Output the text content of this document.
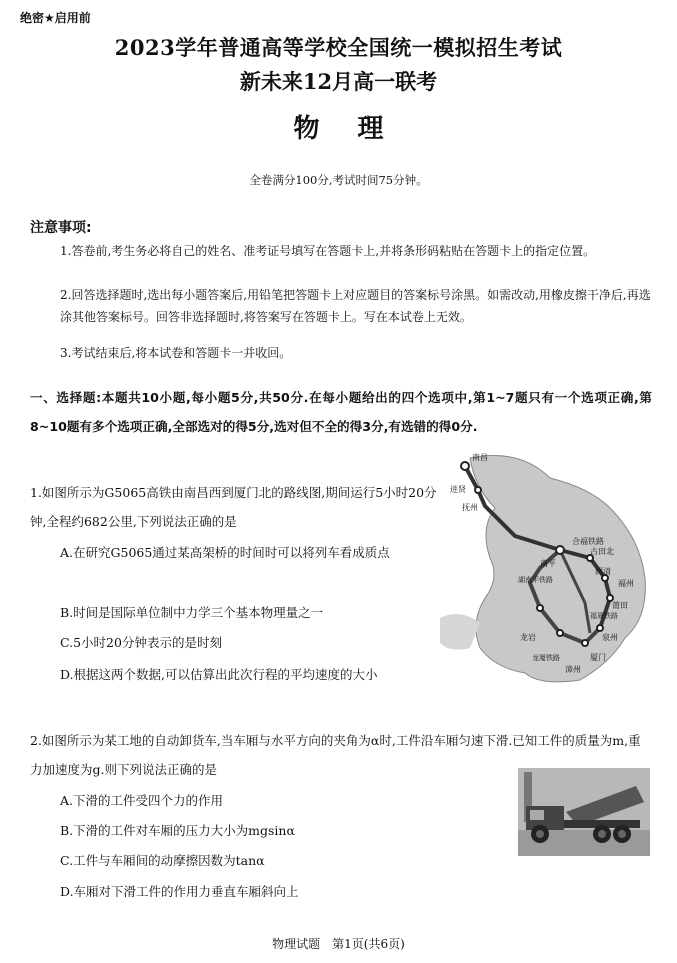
绝密★启用前
2023学年普通高等学校全国统一模拟招生考试
新未来12月高一联考
物理
全卷满分100分,考试时间75分钟。
注意事项:
1.答卷前,考生务必将自己的姓名、准考证号填写在答题卡上,并将条形码粘贴在答题卡上的指定位置。
2.回答选择题时,选出每小题答案后,用铅笔把答题卡上对应题目的答案标号涂黑。如需改动,用橡皮擦干净后,再选涂其他答案标号。回答非选择题时,将答案写在答题卡上。写在本试卷上无效。
3.考试结束后,将本试卷和答题卡一并收回。
一、选择题:本题共10小题,每小题5分,共50分.在每小题给出的四个选项中,第1~7题只有一个选项正确,第8~10题有多个选项正确,全部选对的得5分,选对但不全的得3分,有选错的得0分.
1.如图所示为G5065高铁由南昌西到厦门北的路线图,期间运行5小时20分钟,全程约682公里,下列说法正确的是
A.在研究G5065通过某高架桥的时间时可以将列车看成质点
B.时间是国际单位制中力学三个基本物理量之一
C.5小时20分钟表示的是时刻
D.根据这两个数据,可以估算出此次行程的平均速度的大小
南昌
进贤
抚州
南平
合福铁路
古田北
闽清
福州
湖南平铁路
莆田
福夏铁路
泉州
龙岩
龙厦铁路
漳州
厦门
2.如图所示为某工地的自动卸货车,当车厢与水平方向的夹角为α时,工件沿车厢匀速下滑.已知工件的质量为m,重力加速度为g.则下列说法正确的是
A.下滑的工件受四个力的作用
B.下滑的工件对车厢的压力大小为mgsinα
C.工件与车厢间的动摩擦因数为tanα
D.车厢对下滑工件的作用力垂直车厢斜向上
物理试题　第1页(共6页)
